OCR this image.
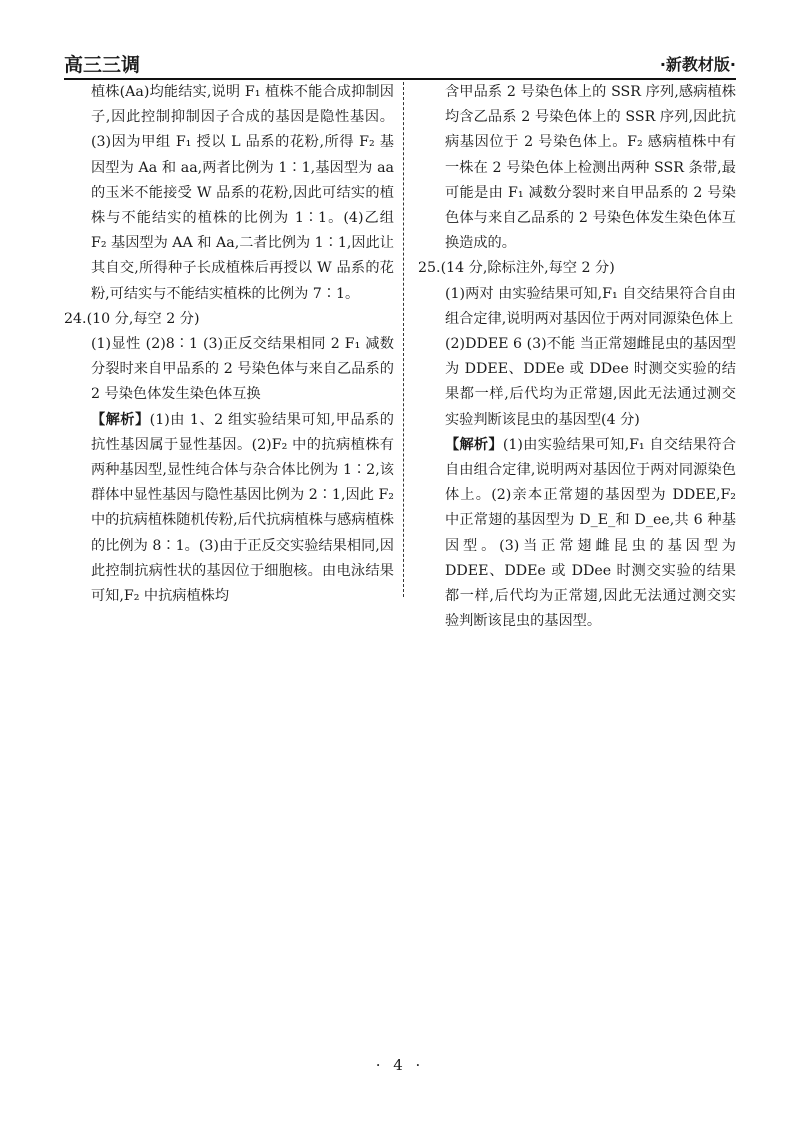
高三三调	·新教材版·

植株(Aa)均能结实,说明 F₁ 植株不能合成抑制因子,因此控制抑制因子合成的基因是隐性基因。(3)因为甲组 F₁ 授以 L 品系的花粉,所得 F₂ 基因型为 Aa 和 aa,两者比例为 1∶1,基因型为 aa 的玉米不能接受 W 品系的花粉,因此可结实的植株与不能结实的植株的比例为 1∶1。(4)乙组 F₂ 基因型为 AA 和 Aa,二者比例为 1∶1,因此让其自交,所得种子长成植株后再授以 W 品系的花粉,可结实与不能结实植株的比例为 7∶1。

24.(10 分,每空 2 分)

(1)显性 (2)8∶1 (3)正反交结果相同 2 F₁ 减数分裂时来自甲品系的 2 号染色体与来自乙品系的 2 号染色体发生染色体互换

【解析】(1)由 1、2 组实验结果可知,甲品系的抗性基因属于显性基因。(2)F₂ 中的抗病植株有两种基因型,显性纯合体与杂合体比例为 1∶2,该群体中显性基因与隐性基因比例为 2∶1,因此 F₂ 中的抗病植株随机传粉,后代抗病植株与感病植株的比例为 8∶1。(3)由于正反交实验结果相同,因此控制抗病性状的基因位于细胞核。由电泳结果可知,F₂ 中抗病植株均

含甲品系 2 号染色体上的 SSR 序列,感病植株均含乙品系 2 号染色体上的 SSR 序列,因此抗病基因位于 2 号染色体上。F₂ 感病植株中有一株在 2 号染色体上检测出两种 SSR 条带,最可能是由 F₁ 减数分裂时来自甲品系的 2 号染色体与来自乙品系的 2 号染色体发生染色体互换造成的。

25.(14 分,除标注外,每空 2 分)

(1)两对 由实验结果可知,F₁ 自交结果符合自由组合定律,说明两对基因位于两对同源染色体上

(2)DDEE 6 (3)不能 当正常翅雌昆虫的基因型为 DDEE、DDEe 或 DDee 时测交实验的结果都一样,后代均为正常翅,因此无法通过测交实验判断该昆虫的基因型(4 分)

【解析】(1)由实验结果可知,F₁ 自交结果符合自由组合定律,说明两对基因位于两对同源染色体上。(2)亲本正常翅的基因型为 DDEE,F₂ 中正常翅的基因型为 D_E_和 D_ee,共 6 种基因型。(3)当正常翅雌昆虫的基因型为 DDEE、DDEe 或 DDee 时测交实验的结果都一样,后代均为正常翅,因此无法通过测交实验判断该昆虫的基因型。

· 4 ·
